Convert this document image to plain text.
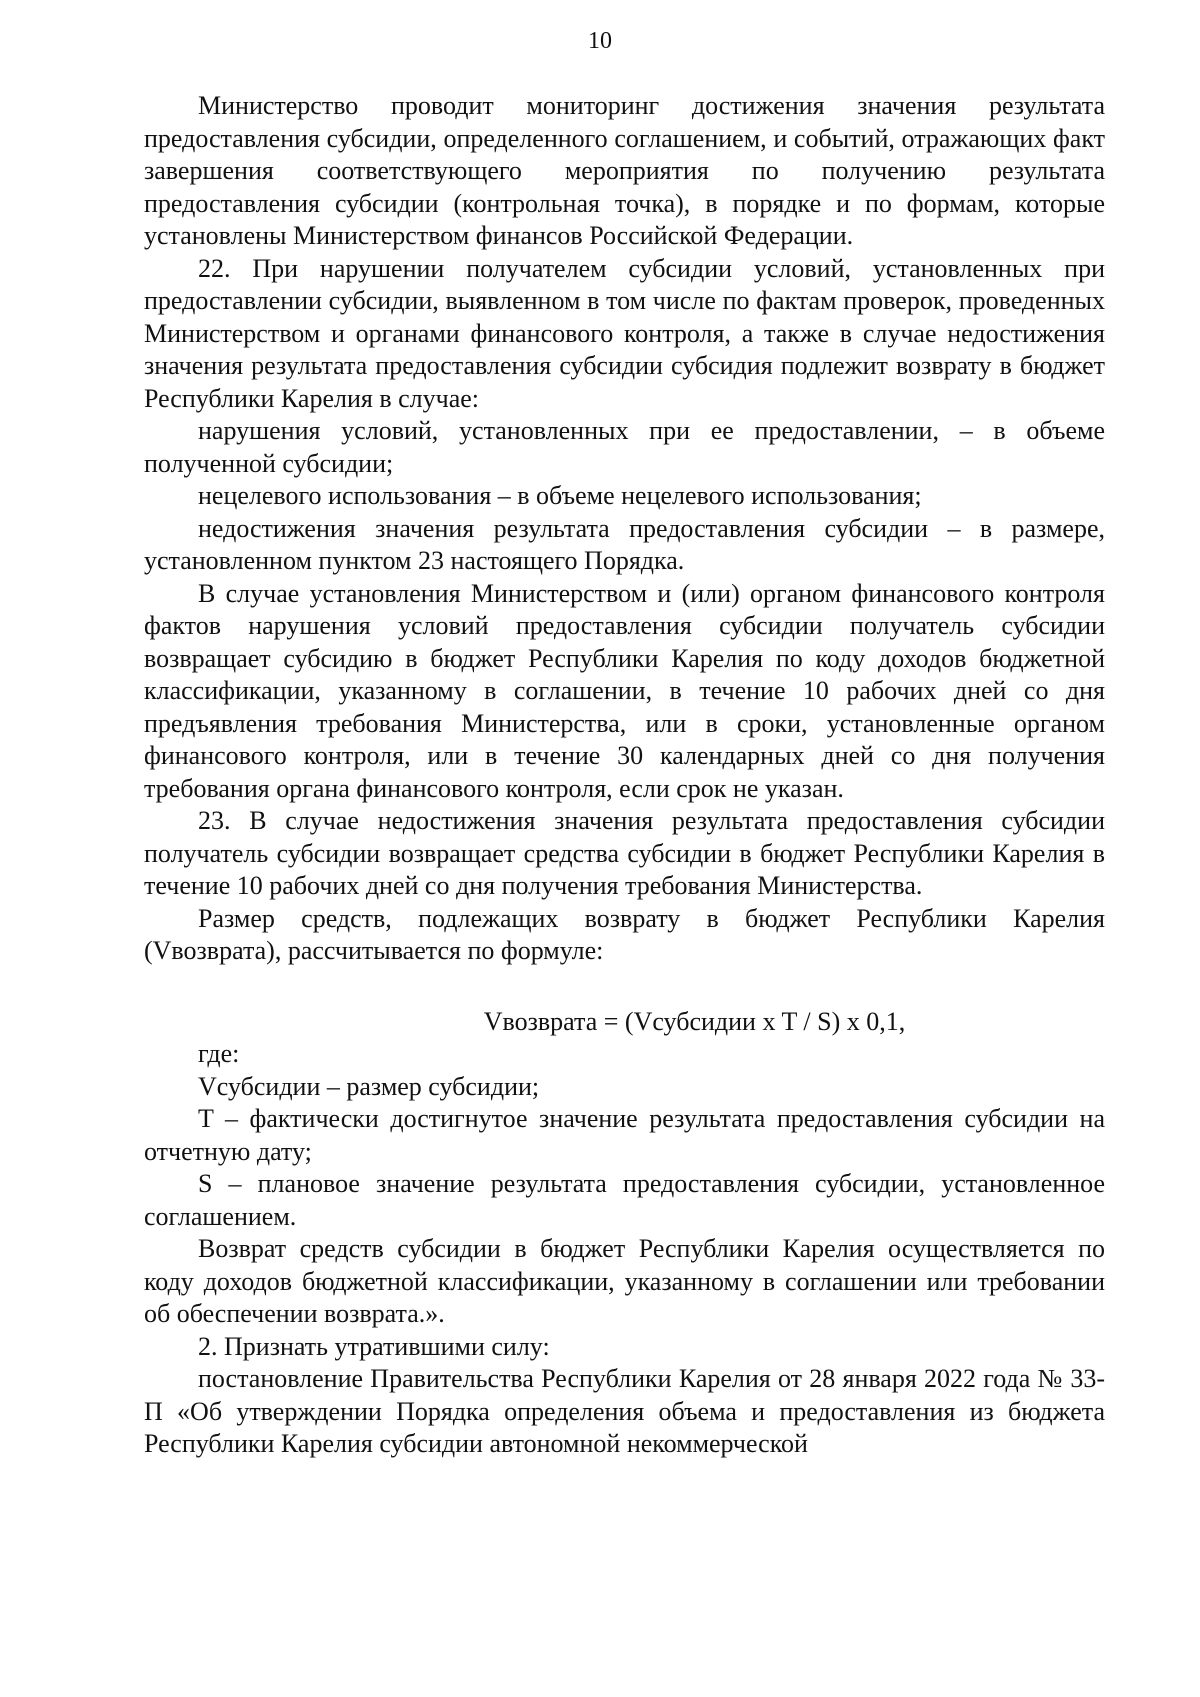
10

Министерство проводит мониторинг достижения значения результата предоставления субсидии, определенного соглашением, и событий, отражающих факт завершения соответствующего мероприятия по получению результата предоставления субсидии (контрольная точка), в порядке и по формам, которые установлены Министерством финансов Российской Федерации.

22. При нарушении получателем субсидии условий, установленных при предоставлении субсидии, выявленном в том числе по фактам проверок, проведенных Министерством и органами финансового контроля, а также в случае недостижения значения результата предоставления субсидии субсидия подлежит возврату в бюджет Республики Карелия в случае:

нарушения условий, установленных при ее предоставлении, – в объеме полученной субсидии;

нецелевого использования – в объеме нецелевого использования;

недостижения значения результата предоставления субсидии – в размере, установленном пунктом 23 настоящего Порядка.

В случае установления Министерством и (или) органом финансового контроля фактов нарушения условий предоставления субсидии получатель субсидии возвращает субсидию в бюджет Республики Карелия по коду доходов бюджетной классификации, указанному в соглашении, в течение 10 рабочих дней со дня предъявления требования Министерства, или в сроки, установленные органом финансового контроля, или в течение 30 календарных дней со дня получения требования органа финансового контроля, если срок не указан.

23. В случае недостижения значения результата предоставления субсидии получатель субсидии возвращает средства субсидии в бюджет Республики Карелия в течение 10 рабочих дней со дня получения требования Министерства.

Размер средств, подлежащих возврату в бюджет Республики Карелия (Vвозврата), рассчитывается по формуле:

Vвозврата = (Vсубсидии x T / S) x 0,1,

где:

Vсубсидии – размер субсидии;

T – фактически достигнутое значение результата предоставления субсидии на отчетную дату;

S – плановое значение результата предоставления субсидии, установленное соглашением.

Возврат средств субсидии в бюджет Республики Карелия осуществляется по коду доходов бюджетной классификации, указанному в соглашении или требовании об обеспечении возврата.».

2. Признать утратившими силу:

постановление Правительства Республики Карелия от 28 января 2022 года № 33-П «Об утверждении Порядка определения объема и предоставления из бюджета Республики Карелия субсидии автономной некоммерческой
